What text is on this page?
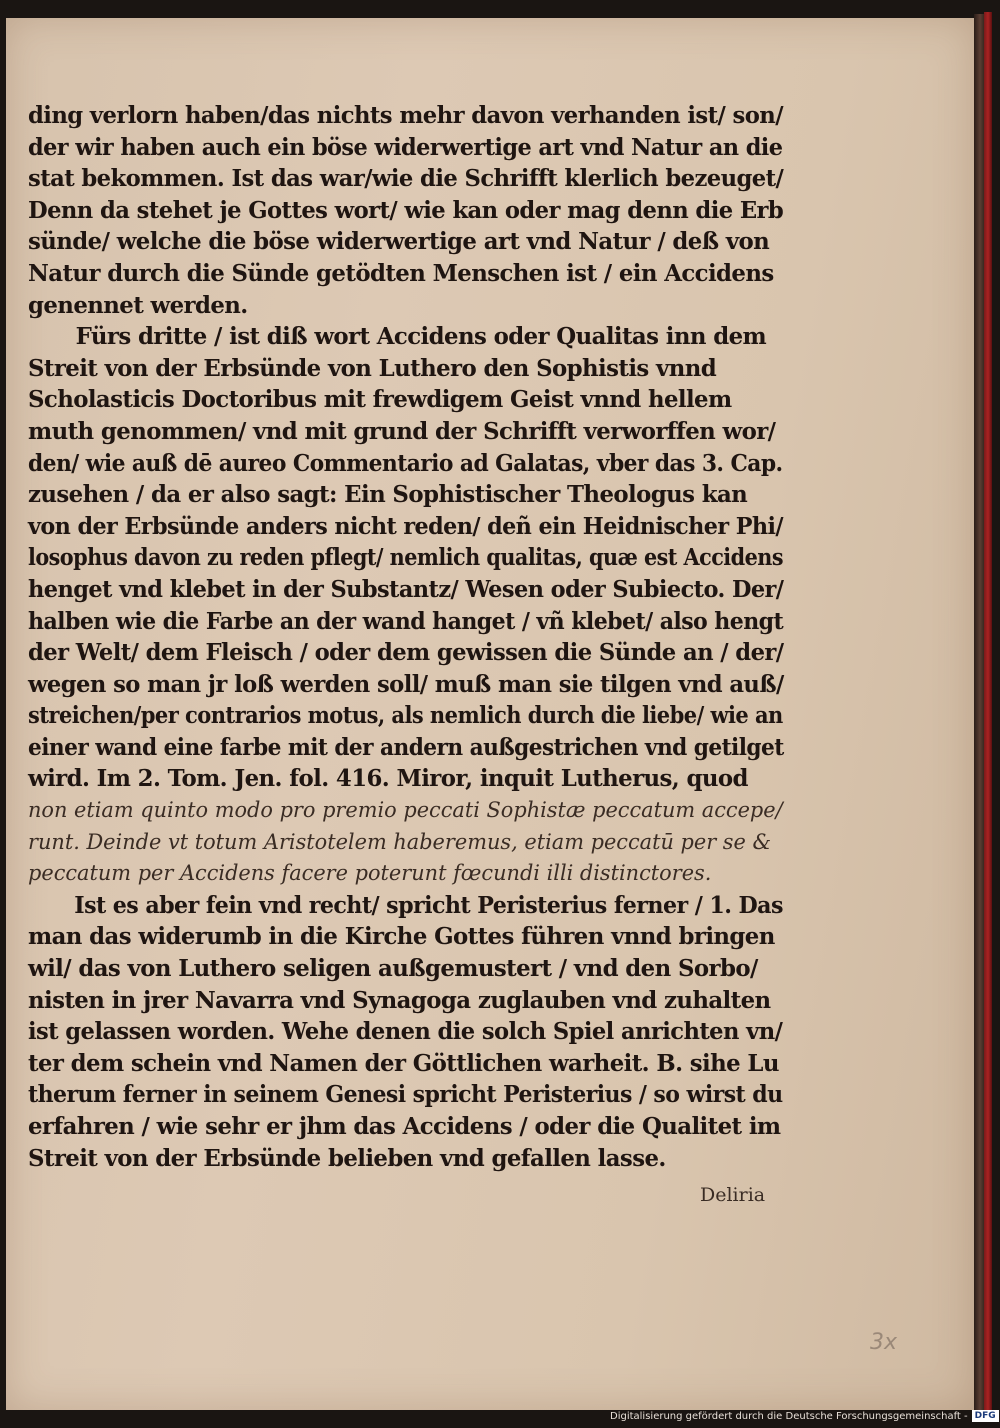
ding verlorn haben/das nichts mehr davon verhanden ist/ son/
der wir haben auch ein böse widerwertige art vnd Natur an die
stat bekommen. Ist das war/wie die Schrifft klerlich bezeuget/
Denn da stehet je Gottes wort/ wie kan oder mag denn die Erb
sünde/ welche die böse widerwertige art vnd Natur / deß von
Natur durch die Sünde getödten Menschen ist / ein Accidens
genennet werden.
Fürs dritte / ist diß wort Accidens oder Qualitas inn dem
Streit von der Erbsünde von Luthero den Sophistis vnnd
Scholasticis Doctoribus mit frewdigem Geist vnnd hellem
muth genommen/ vnd mit grund der Schrifft verworffen wor/
den/ wie auß dē aureo Commentario ad Galatas, vber das 3. Cap.
zusehen / da er also sagt: Ein Sophistischer Theologus kan
von der Erbsünde anders nicht reden/ deñ ein Heidnischer Phi/
losophus davon zu reden pflegt/ nemlich qualitas, quæ est Accidens
henget vnd klebet in der Substantz/ Wesen oder Subiecto. Der/
halben wie die Farbe an der wand hanget / vñ klebet/ also hengt
der Welt/ dem Fleisch / oder dem gewissen die Sünde an / der/
wegen so man jr loß werden soll/ muß man sie tilgen vnd auß/
streichen/per contrarios motus, als nemlich durch die liebe/ wie an
einer wand eine farbe mit der andern außgestrichen vnd getilget
wird. Im 2. Tom. Jen. fol. 416. Miror, inquit Lutherus, quod
non etiam quinto modo pro premio peccati Sophistæ peccatum accepe/
runt. Deinde vt totum Aristotelem haberemus, etiam peccatū per se &
peccatum per Accidens facere poterunt fœcundi illi distinctores.
Ist es aber fein vnd recht/ spricht Peristerius ferner / 1. Das
man das widerumb in die Kirche Gottes führen vnnd bringen
wil/ das von Luthero seligen außgemustert / vnd den Sorbo/
nisten in jrer Navarra vnd Synagoga zuglauben vnd zuhalten
ist gelassen worden. Wehe denen die solch Spiel anrichten vn/
ter dem schein vnd Namen der Göttlichen warheit. B. sihe Lu
therum ferner in seinem Genesi spricht Peristerius / so wirst du
erfahren / wie sehr er jhm das Accidens / oder die Qualitet im
Streit von der Erbsünde belieben vnd gefallen lasse.
Deliria
3x
Digitalisierung gefördert durch die Deutsche Forschungsgemeinschaft - DFG
